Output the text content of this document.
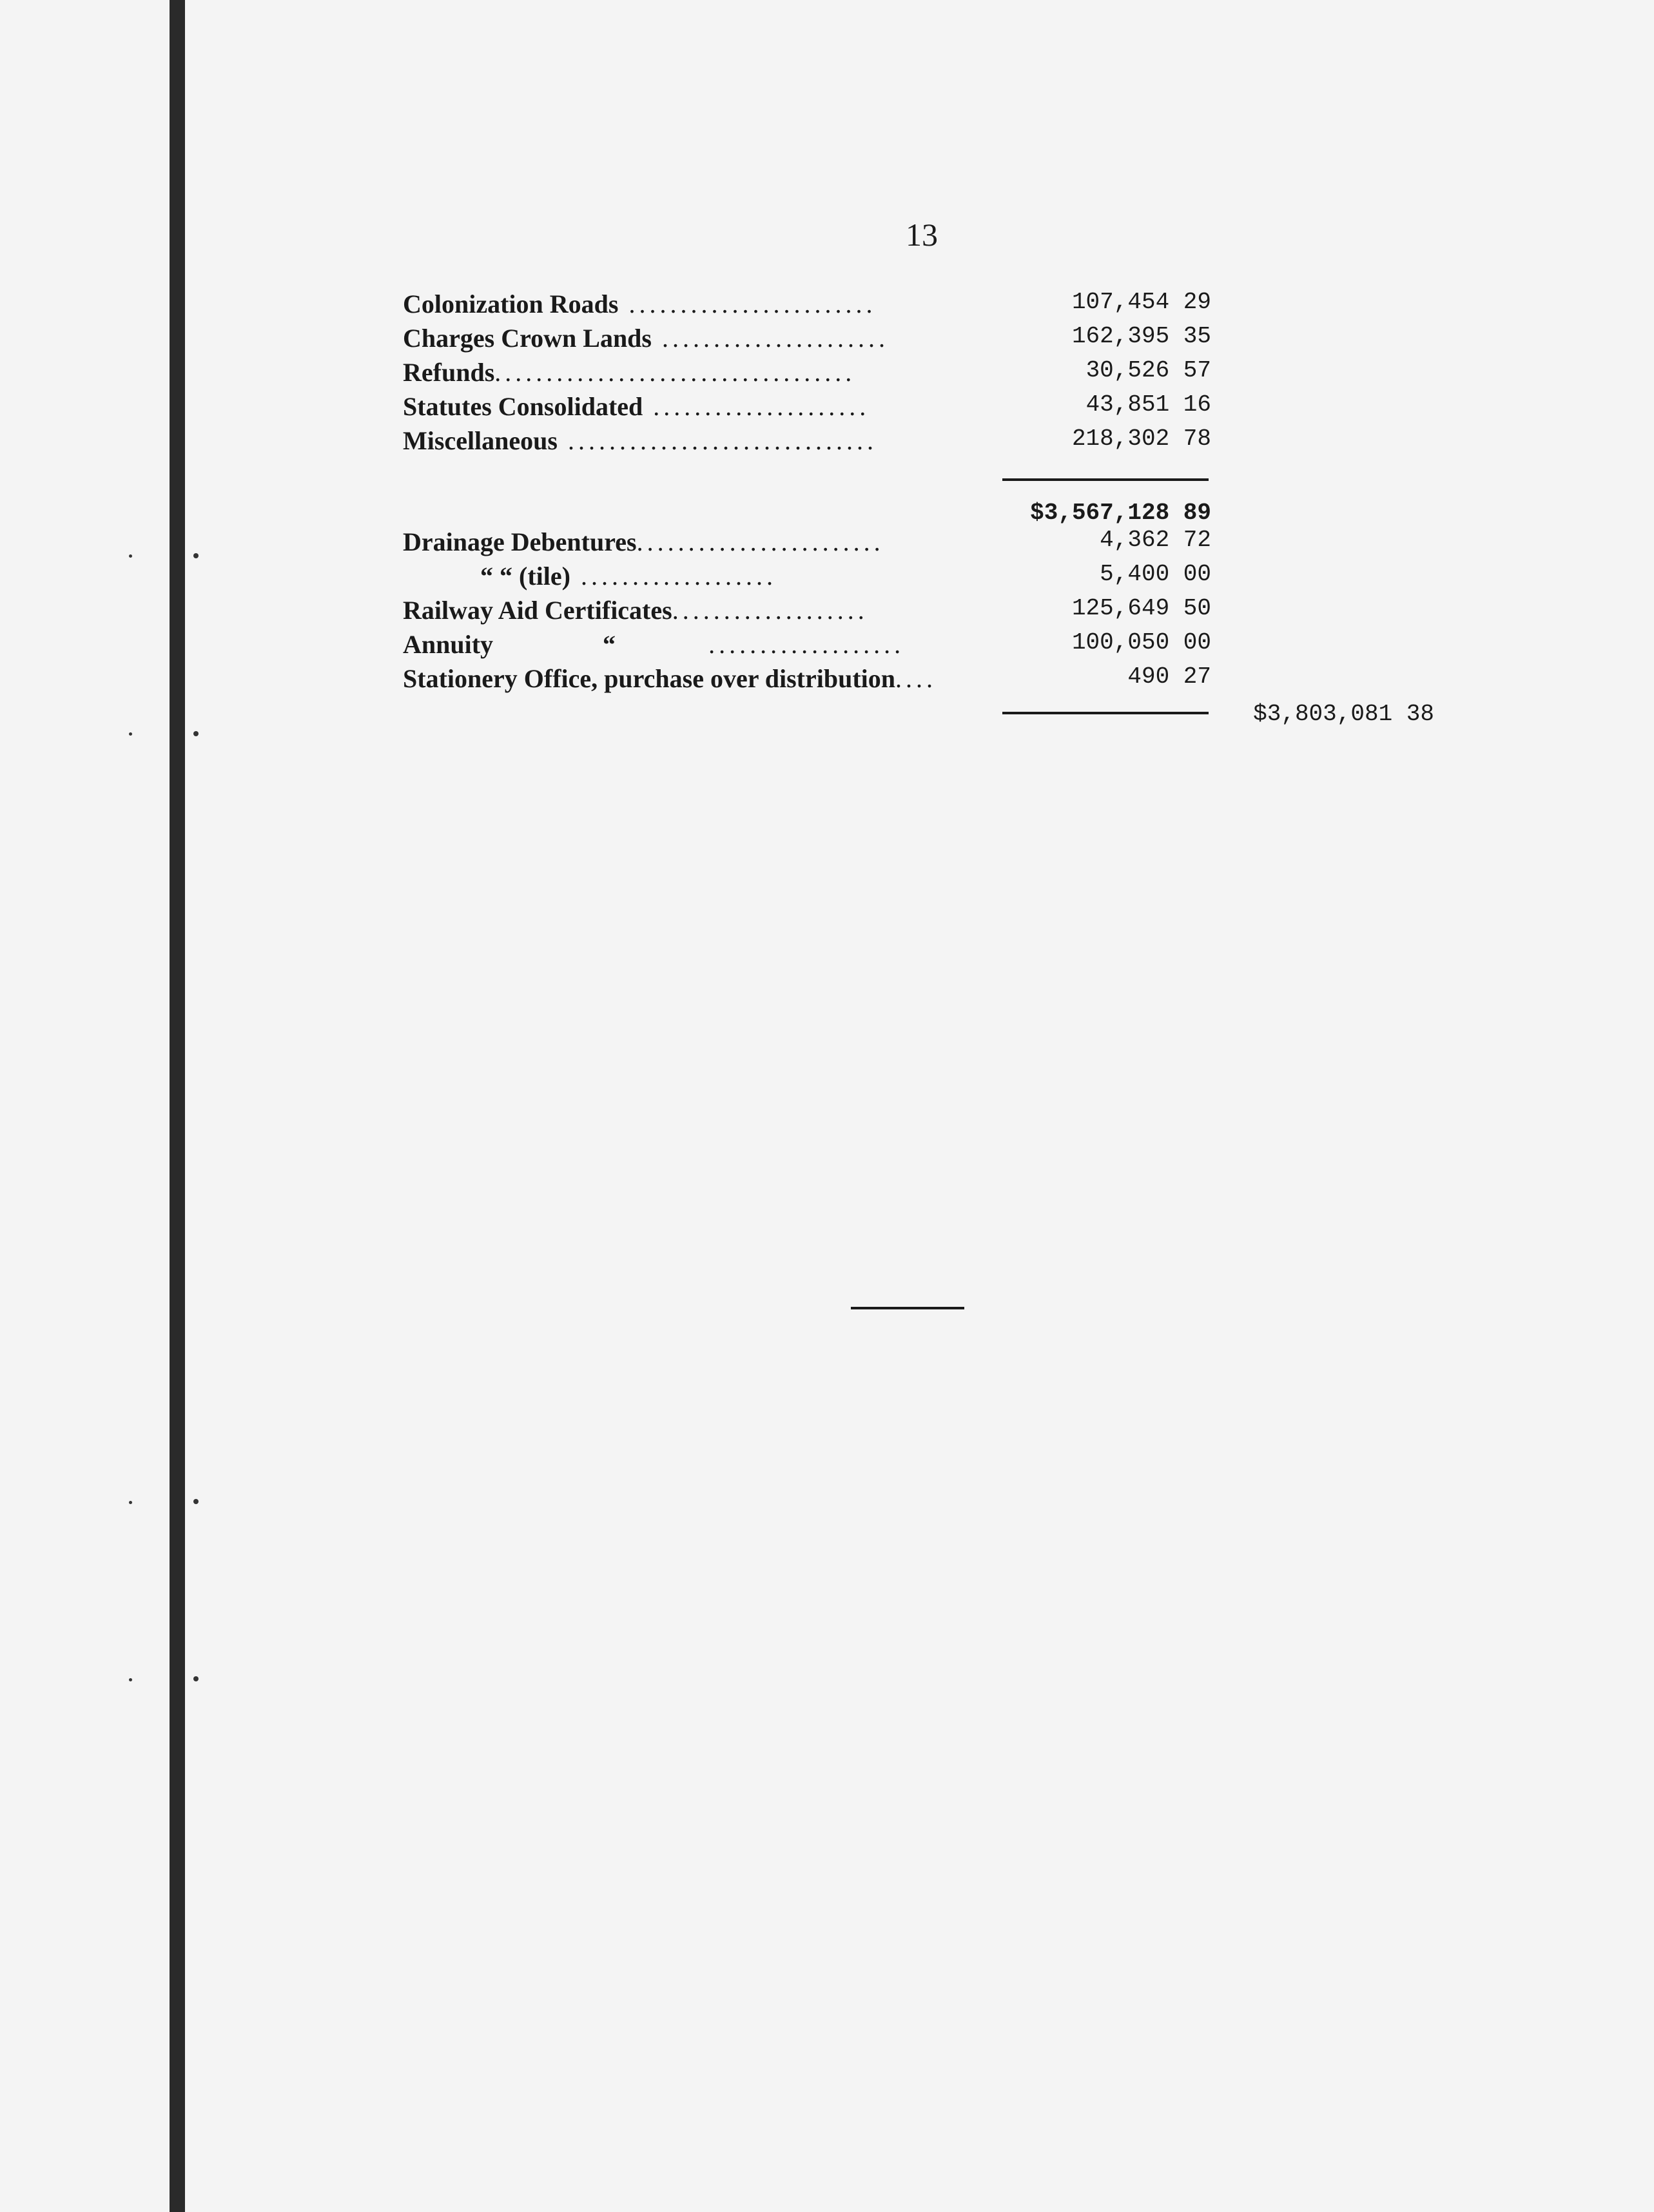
13
Colonization Roads ........................	107,454 29
Charges Crown Lands ......................	162,395 35
Refunds...................................	30,526 57
Statutes Consolidated .....................	43,851 16
Miscellaneous ..............................	218,302 78
$3,567,128 89
Drainage Debentures........................	4,362 72
“ “ (tile) ...................	5,400 00
Railway Aid Certificates...................	125,649 50
Annuity                 “         ...................	100,050 00
Stationery Office, purchase over distribution....	490 27
$3,803,081 38
